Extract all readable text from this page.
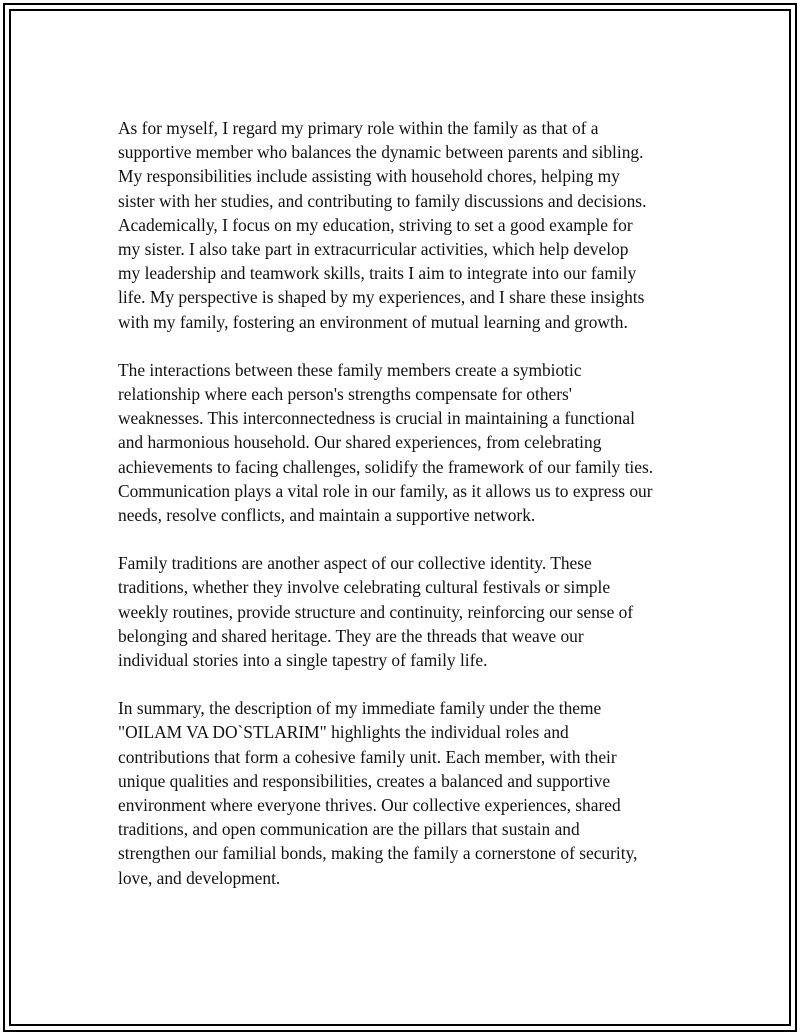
As for myself, I regard my primary role within the family as that of a
supportive member who balances the dynamic between parents and sibling.
My responsibilities include assisting with household chores, helping my
sister with her studies, and contributing to family discussions and decisions.
Academically, I focus on my education, striving to set a good example for
my sister. I also take part in extracurricular activities, which help develop
my leadership and teamwork skills, traits I aim to integrate into our family
life. My perspective is shaped by my experiences, and I share these insights
with my family, fostering an environment of mutual learning and growth.

The interactions between these family members create a symbiotic
relationship where each person's strengths compensate for others'
weaknesses. This interconnectedness is crucial in maintaining a functional
and harmonious household. Our shared experiences, from celebrating
achievements to facing challenges, solidify the framework of our family ties.
Communication plays a vital role in our family, as it allows us to express our
needs, resolve conflicts, and maintain a supportive network.

Family traditions are another aspect of our collective identity. These
traditions, whether they involve celebrating cultural festivals or simple
weekly routines, provide structure and continuity, reinforcing our sense of
belonging and shared heritage. They are the threads that weave our
individual stories into a single tapestry of family life.

In summary, the description of my immediate family under the theme
"OILAM VA DO`STLARIM" highlights the individual roles and
contributions that form a cohesive family unit. Each member, with their
unique qualities and responsibilities, creates a balanced and supportive
environment where everyone thrives. Our collective experiences, shared
traditions, and open communication are the pillars that sustain and
strengthen our familial bonds, making the family a cornerstone of security,
love, and development.
